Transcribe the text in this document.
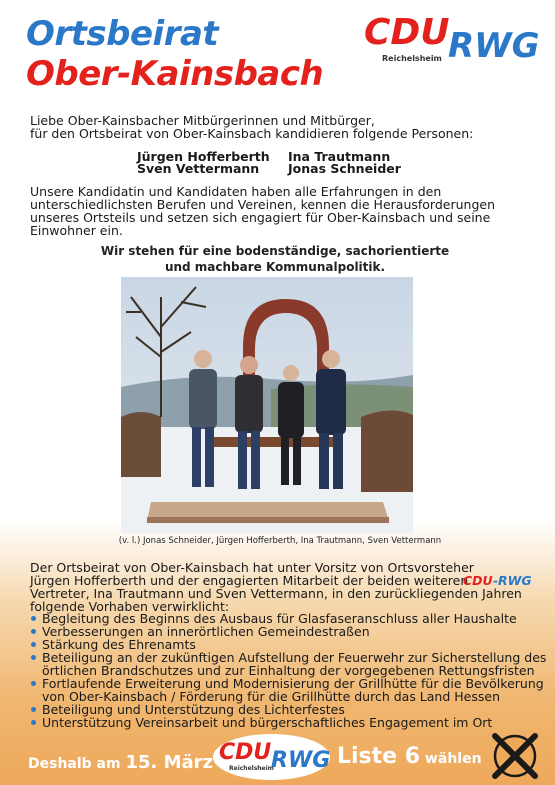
Ortsbeirat
Ober-Kainsbach
CDU
Reichelsheim RWG
Liebe Ober-Kainsbacher Mitbürgerinnen und Mitbürger,
für den Ortsbeirat von Ober-Kainsbach kandidieren folgende Personen:
Jürgen Hofferberth Ina Trautmann
Sven Vettermann Jonas Schneider
Unsere Kandidatin und Kandidaten haben alle Erfahrungen in den unterschiedlichsten Berufen und Vereinen, kennen die Herausforderungen unseres Ortsteils und setzen sich engagiert für Ober-Kainsbach und seine Einwohner ein.
Wir stehen für eine bodenständige, sachorientierte
und machbare Kommunalpolitik.
(v. l.) Jonas Schneider, Jürgen Hofferberth, Ina Trautmann, Sven Vettermann
Der Ortsbeirat von Ober-Kainsbach hat unter Vorsitz von Ortsvorsteher
Jürgen Hofferberth und der engagierten Mitarbeit der beiden weiteren
CDU - RWG
Vertreter, Ina Trautmann und Sven Vettermann, in den zurückliegenden Jahren
folgende Vorhaben verwirklicht:
Begleitung des Beginns des Ausbaus für Glasfaseranschluss aller Haushalte
Verbesserungen an innerörtlichen Gemeindestraßen
Stärkung des Ehrenamts
Beteiligung an der zukünftigen Aufstellung der Feuerwehr zur Sicherstellung des örtlichen Brandschutzes und zur Einhaltung der vorgegebenen Rettungsfristen
Fortlaufende Erweiterung und Modernisierung der Grillhütte für die Bevölkerung von Ober-Kainsbach / Förderung für die Grillhütte durch das Land Hessen
Beteiligung und Unterstützung des Lichterfestes
Unterstützung Vereinsarbeit und bürgerschaftliches Engagement im Ort
Deshalb am 15. März CDU
Reichelsheim
RWG Liste 6 wählen
